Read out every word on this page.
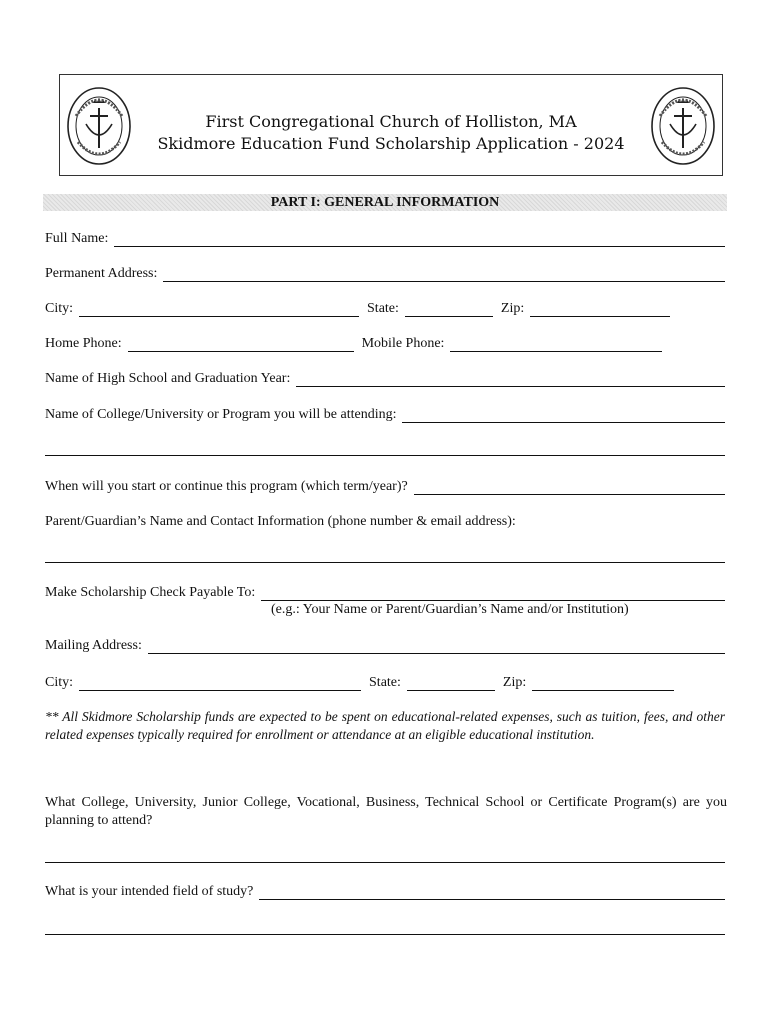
First Congregational Church of Holliston, MA
Skidmore Education Fund Scholarship Application - 2024
PART I: GENERAL INFORMATION
Full Name:
Permanent Address:
City:	State:	Zip:
Home Phone:	Mobile Phone:
Name of High School and Graduation Year:
Name of College/University or Program you will be attending:
When will you start or continue this program (which term/year)?
Parent/Guardian’s Name and Contact Information (phone number & email address):
Make Scholarship Check Payable To:
(e.g.: Your Name or Parent/Guardian’s Name and/or Institution)
Mailing Address:
City:	State:	Zip:
** All Skidmore Scholarship funds are expected to be spent on educational-related expenses, such as tuition, fees, and other related expenses typically required for enrollment or attendance at an eligible educational institution.
What College, University, Junior College, Vocational, Business, Technical School or Certificate Program(s) are you planning to attend?
What is your intended field of study?
